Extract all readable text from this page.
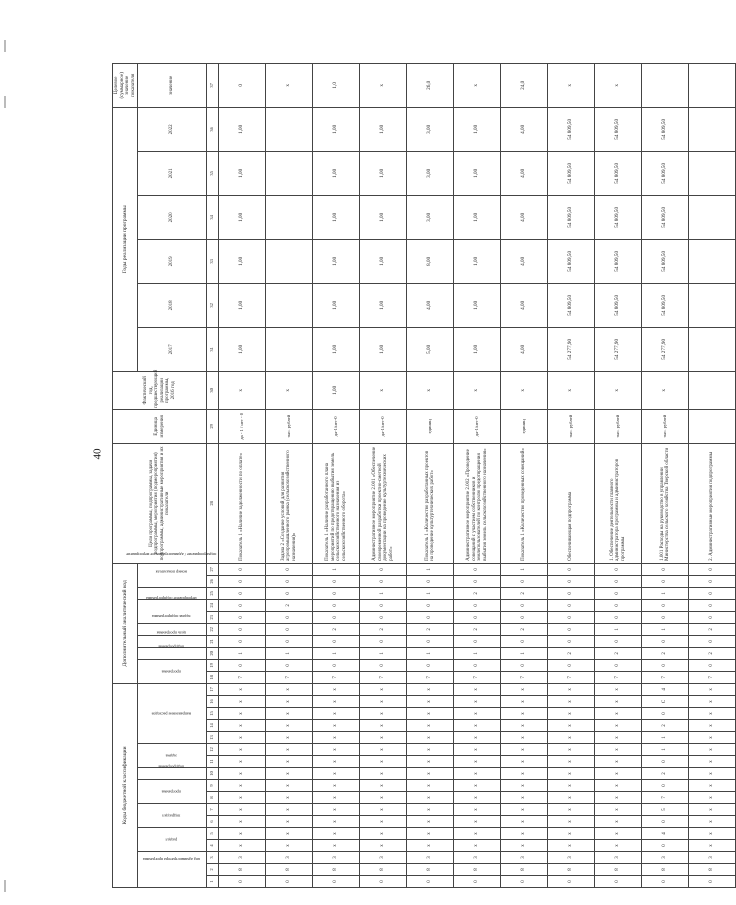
40
Коды бюджетной классификации																	Дополнительный аналитический код										Цели программы, подпрограммы, задачи подпрограммы, мероприятия (подмероприятия) подпрограммы, административные мероприятия и их показатели	Единица измерения	Фактический год, предшествующий реализации программы, 2016 год	Годы реализации программы						Целевое (суммарное) значение показателя
код администратора программы			раздел		подраздел		программа		подпрограмма	задача		направление расходов					программа		подпрограмма	цель программы	задача подпрограммы	мероприятие подпрограммы		подмероприятие / административное мероприятие	номер показателя					2017	2018	2019	2020	2021	2022	значение
1	2	3	4	5	6	7	8	9	10	11	12	13	14	15	16	17	18	19	20	21	22	23	24	25	26	27	28	29	30	31	32	33	34	35	36	37
0	8	3	х	х	х	х	х	х	х	х	х	х	х	х	х	х	7	0	1	0	0	0	0	0	0	0	Показатель 1 «Наличие задолженности по оплате»	да - 1 / нет - 0	х	1,00	1,00	1,00	1,00	1,00	1,00	0
0	8	3	х	х	х	х	х	х	х	х	х	х	х	х	х	х	7	0	1	0	0	0	2	0	0	0	Задача 2 «Создание условий для развития агропромышленного рынка (сельскохозяйственного назначения)»	тыс. рублей	х							х
0	8	3	х	х	х	х	х	х	х	х	х	х	х	х	х	х	7	0	1	0	2	0	0	0	0	1	Показатель 1 «Наличие разработанного плана мероприятий по предотвращению выбытия земель сельскохозяйственного назначения из сельскохозяйственного оборота»	да-1/нет-0	1,00	1,00	1,00	1,00	1,00	1,00	1,00	1,0
0	8	3	х	х	х	х	х	х	х	х	х	х	х	х	х	х	7	0	1	0	2	0	0	1	0	0	Административное мероприятие 2.001 «Обеспечение своевременной разработки проектно-сметной документации на проведение культуртехнических работ»	да-1/нет-0	х	1,00	1,00	1,00	1,00	1,00	1,00	х
0	8	3	х	х	х	х	х	х	х	х	х	х	х	х	х	х	7	0	1	0	2	0	0	1	0	1	Показатель 1 «Количество разработанных проектов на проведение культуртехнических работ»	единиц	х	5,00	4,00	8,00	3,00	3,00	3,00	26,0
0	8	3	х	х	х	х	х	х	х	х	х	х	х	х	х	х	7	0	1	0	2	0	0	2	0	0	Административное мероприятие 2.002 «Проведение совещаний с участием собственников и землепользователей по контролю предотвращения выбытия земель сельскохозяйственного назначения»	да-1/нет-0	х	1,00	1,00	1,00	1,00	1,00	1,00	х
0	8	3	х	х	х	х	х	х	х	х	х	х	х	х	х	х	7	0	1	0	2	0	0	2	0	1	Показатель 1 «Количество проведенных совещаний»	единиц	х	4,00	4,00	4,00	4,00	4,00	4,00	24,0
0	8	3	х	х	х	х	х	х	х	х	х	х	х	х	х	х	7	0	2	0	0	0	0	0	0	0	Обеспечивающая подпрограмма	тыс. рублей	х	54 277,90	54 809,50	54 809,50	54 809,50	54 809,50	54 809,50	х
0	8	3	х	х	х	х	х	х	х	х	х	х	х	х	х	х	7	0	2	0	1	0	0	0	0	0	1. Обеспечение деятельности главного администратора программы и администраторов программы	тыс. рублей	х	54 277,90	54 809,50	54 809,50	54 809,50	54 809,50	54 809,50	х
0	8	3	0	4	0	5	7	0	2	0	1	1	2	0	С	4	7	0	2	0	1	0	0	1	0	0	1.001 Расходы на руководство в управлении Министерства сельского хозяйства Тверской области	тыс. рублей	х	54 277,90	54 809,50	54 809,50	54 809,50	54 809,50	54 809,50	
0	8	3	х	х	х	х	х	х	х	х	х	х	х	х	х	х	7	0	2	0	2	0	0	0	0	0	2. Административные мероприятия подпрограммы									
